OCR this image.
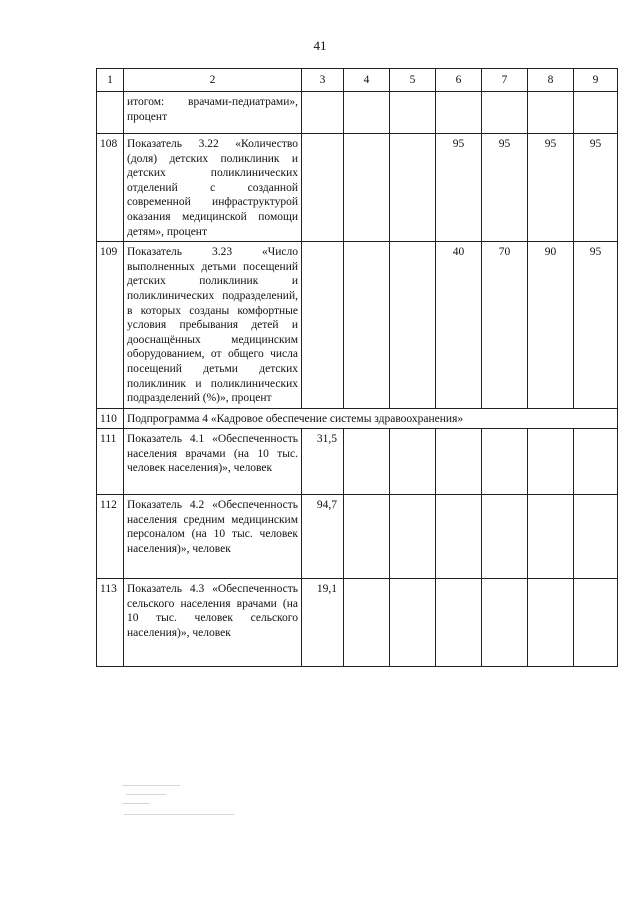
41
1	2	3	4	5	6	7	8	9
	итогом: врачами-педиатрами», процент							
108	Показатель 3.22 «Количество (доля) детских поликлиник и детских поликлинических отделений с созданной современной инфраструктурой оказания медицинской помощи детям», процент				95	95	95	95
109	Показатель 3.23 «Число выполненных детьми посещений детских поликлиник и поликлинических подразделений, в которых созданы комфортные условия пребывания детей и дооснащённых медицинским оборудованием, от общего числа посещений детьми детских поликлиник и поликлинических подразделений (%)», процент				40	70	90	95
110	Подпрограмма 4 «Кадровое обеспечение системы здравоохранения»							
111	Показатель 4.1 «Обеспеченность населения врачами (на 10 тыс. человек населения)», человек	31,5						
112	Показатель 4.2 «Обеспеченность населения средним медицинским персоналом (на 10 тыс. человек населения)», человек	94,7						
113	Показатель 4.3 «Обеспеченность сельского населения врачами (на 10 тыс. человек сельского населения)», человек	19,1						
